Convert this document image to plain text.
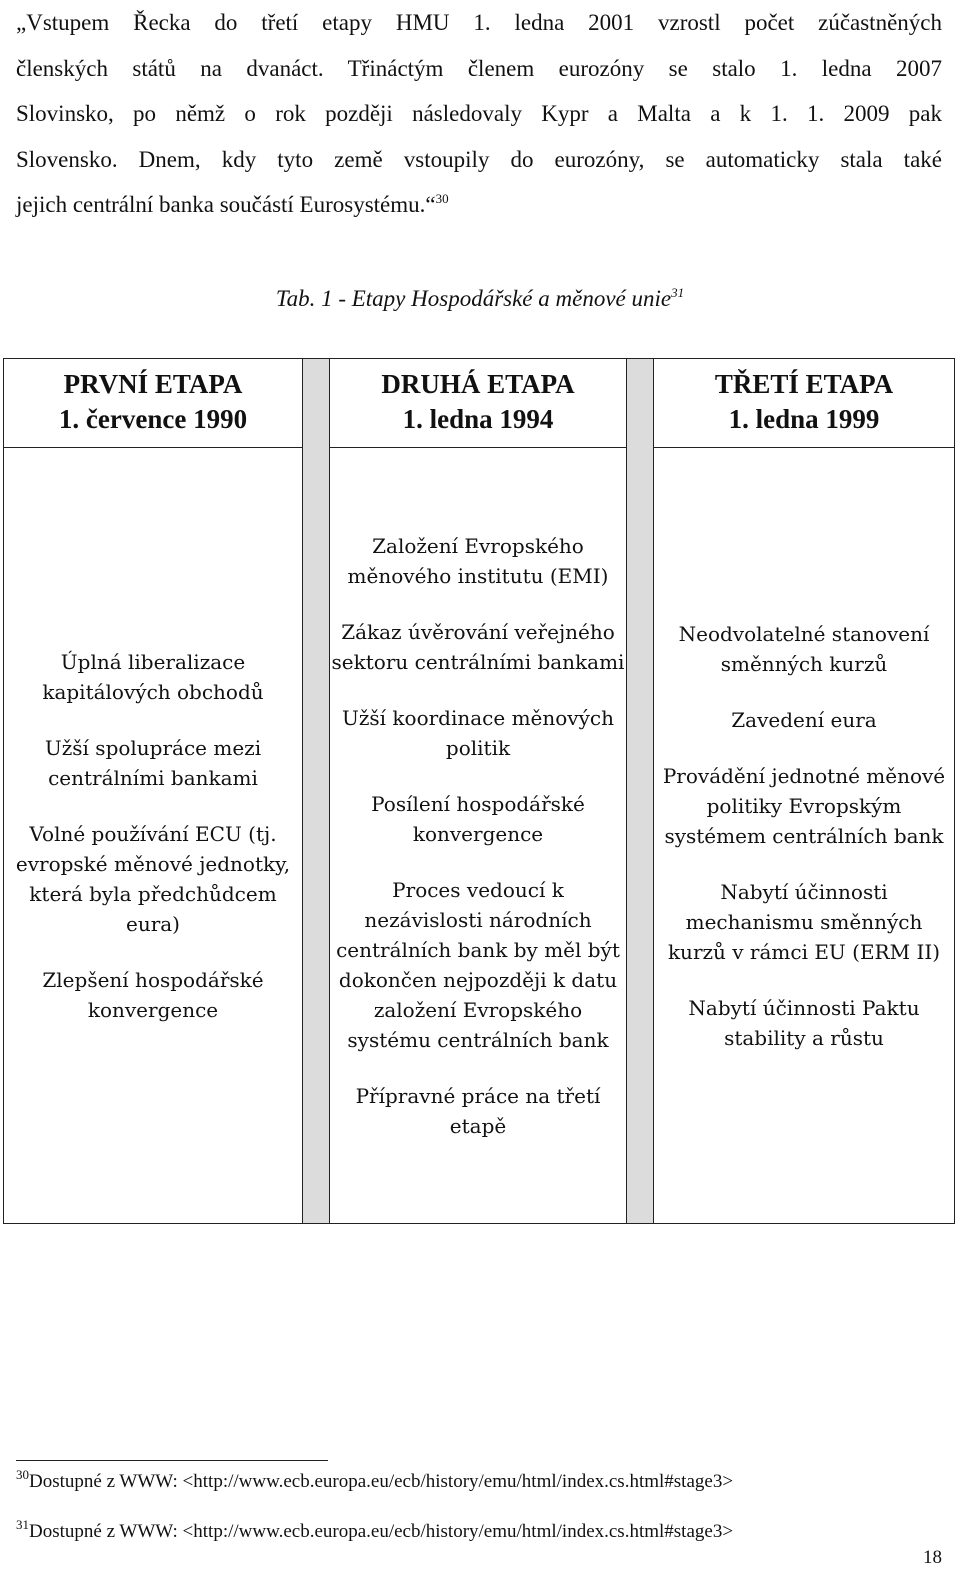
„Vstupem Řecka do třetí etapy HMU 1. ledna 2001 vzrostl počet zúčastněných
členských států na dvanáct. Třináctým členem eurozóny se stalo 1. ledna 2007
Slovinsko, po němž o rok později následovaly Kypr a Malta a k 1. 1. 2009 pak
Slovensko. Dnem, kdy tyto země vstoupily do eurozóny, se automaticky stala také
jejich centrální banka součástí Eurosystému.“$^{30}$
Tab. 1 - Etapy Hospodářské a měnové unie$^{31}$
PRVNÍ ETAPA
1. července 1990
DRUHÁ ETAPA
1. ledna 1994
TŘETÍ ETAPA
1. ledna 1999
Úplná liberalizace kapitálových obchodů
Užší spolupráce mezi centrálními bankami
Volné používání ECU (tj. evropské měnové jednotky, která byla předchůdcem eura)
Zlepšení hospodářské konvergence
Založení Evropského měnového institutu (EMI)
Zákaz úvěrování veřejného sektoru centrálními bankami
Užší koordinace měnových politik
Posílení hospodářské konvergence
Proces vedoucí k nezávislosti národních centrálních bank by měl být dokončen nejpozději k datu založení Evropského systému centrálních bank
Přípravné práce na třetí etapě
Neodvolatelné stanovení směnných kurzů
Zavedení eura
Provádění jednotné měnové politiky Evropským systémem centrálních bank
Nabytí účinnosti mechanismu směnných kurzů v rámci EU (ERM II)
Nabytí účinnosti Paktu stability a růstu
$^{30}$Dostupné z WWW: <http://www.ecb.europa.eu/ecb/history/emu/html/index.cs.html#stage3>
$^{31}$Dostupné z WWW: <http://www.ecb.europa.eu/ecb/history/emu/html/index.cs.html#stage3>
18
